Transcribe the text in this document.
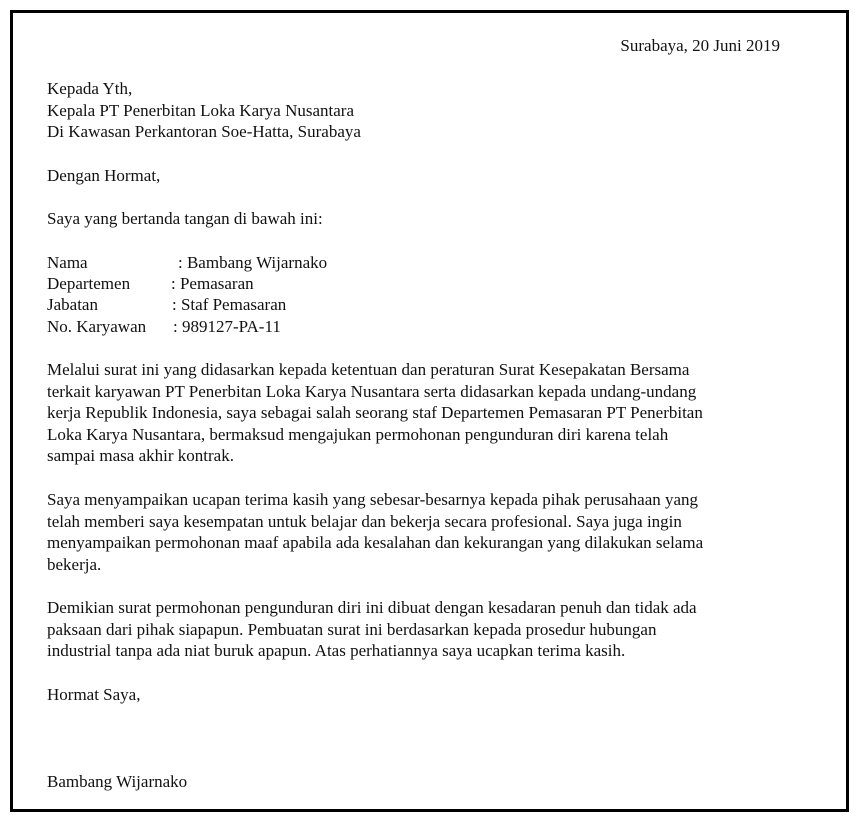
Surabaya, 20 Juni 2019

Kepada Yth,

Kepala PT Penerbitan Loka Karya Nusantara

Di Kawasan Perkantoran Soe-Hatta, Surabaya

Dengan Hormat,
Saya yang bertanda tangan di bawah ini:
Nama	: Bambang Wijarnako
Departemen : Pemasaran
Jabatan	: Staf Pemasaran
No. Karyawan : 989127-PA-11

Melalui surat ini yang didasarkan kepada ketentuan dan peraturan Surat Kesepakatan Bersama

terkait karyawan PT Penerbitan Loka Karya Nusantara serta didasarkan kepada undang-undang

kerja Republik Indonesia, saya sebagai salah seorang staf Departemen Pemasaran PT Penerbitan

Loka Karya Nusantara, bermaksud mengajukan permohonan pengunduran diri karena telah

sampai masa akhir kontrak.

Saya menyampaikan ucapan terima kasih yang sebesar-besarnya kepada pihak perusahaan yang

telah memberi saya kesempatan untuk belajar dan bekerja secara profesional. Saya juga ingin

menyampaikan permohonan maaf apabila ada kesalahan dan kekurangan yang dilakukan selama

bekerja.

Demikian surat permohonan pengunduran diri ini dibuat dengan kesadaran penuh dan tidak ada

paksaan dari pihak siapapun. Pembuatan surat ini berdasarkan kepada prosedur hubungan

industrial tanpa ada niat buruk apapun. Atas perhatiannya saya ucapkan terima kasih.

Hormat Saya,
Bambang Wijarnako
